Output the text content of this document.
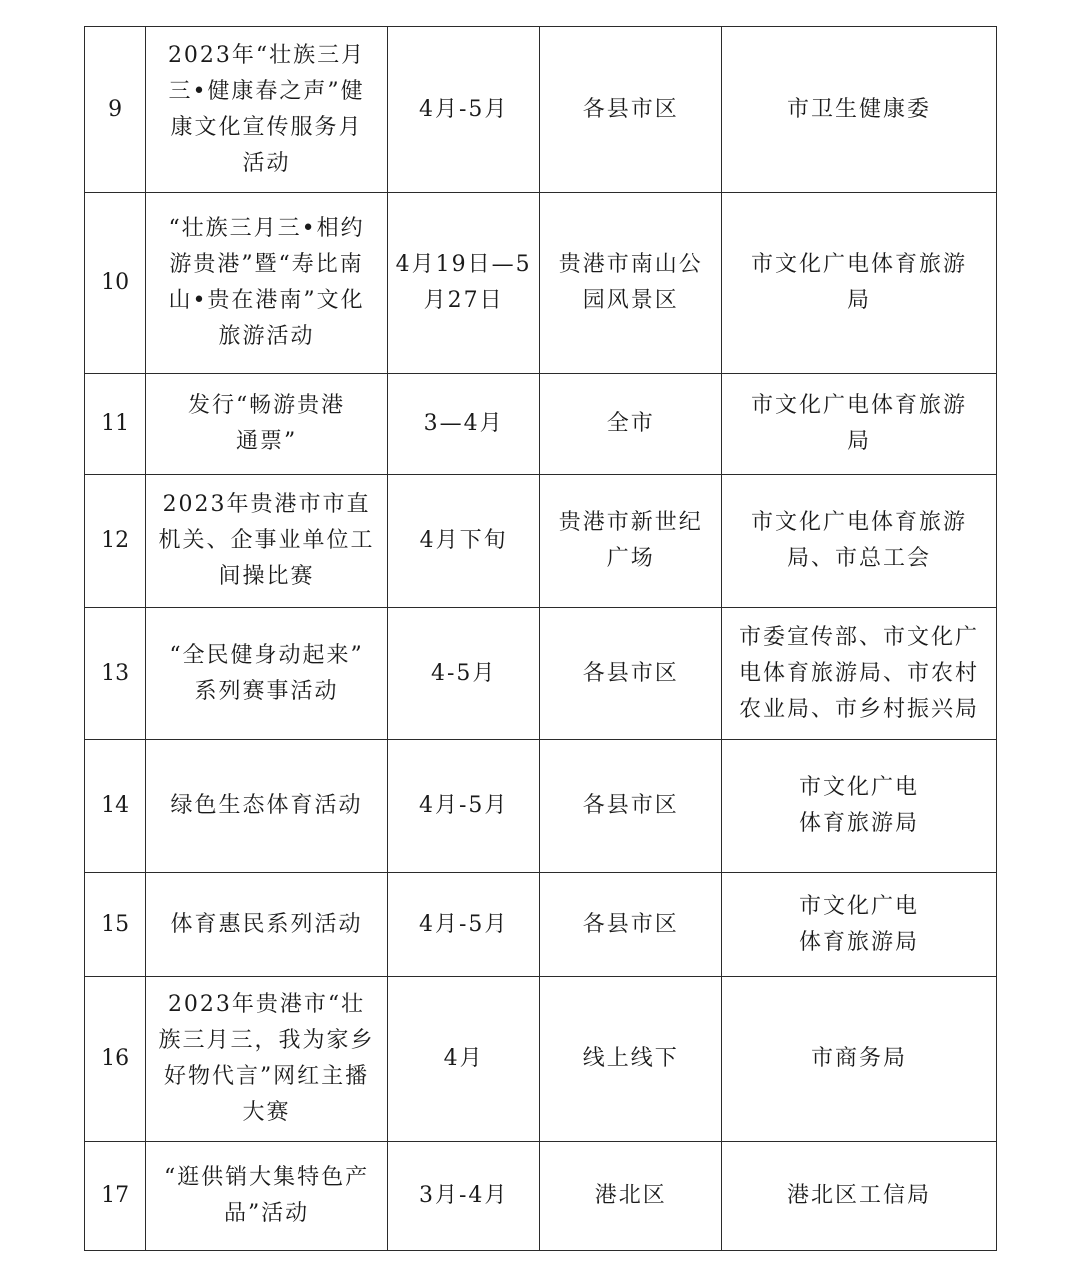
9	2023年“壮族三月
三•健康春之声”健
康文化宣传服务月
活动	4月-5月	各县市区	市卫生健康委
10	“壮族三月三•相约
游贵港”暨“寿比南
山•贵在港南”文化
旅游活动	4月19日—5
月27日	贵港市南山公
园风景区	市文化广电体育旅游
局
11	发行“畅游贵港
通票”	3—4月	全市	市文化广电体育旅游
局
12	2023年贵港市市直
机关、企事业单位工
间操比赛	4月下旬	贵港市新世纪
广场	市文化广电体育旅游
局、市总工会
13	“全民健身动起来”
系列赛事活动	4-5月	各县市区	市委宣传部、市文化广
电体育旅游局、市农村
农业局、市乡村振兴局
14	绿色生态体育活动	4月-5月	各县市区	市文化广电
体育旅游局
15	体育惠民系列活动	4月-5月	各县市区	市文化广电
体育旅游局
16	2023年贵港市“壮
族三月三，我为家乡
好物代言”网红主播
大赛	4月	线上线下	市商务局
17	“逛供销大集特色产
品”活动	3月-4月	港北区	港北区工信局
